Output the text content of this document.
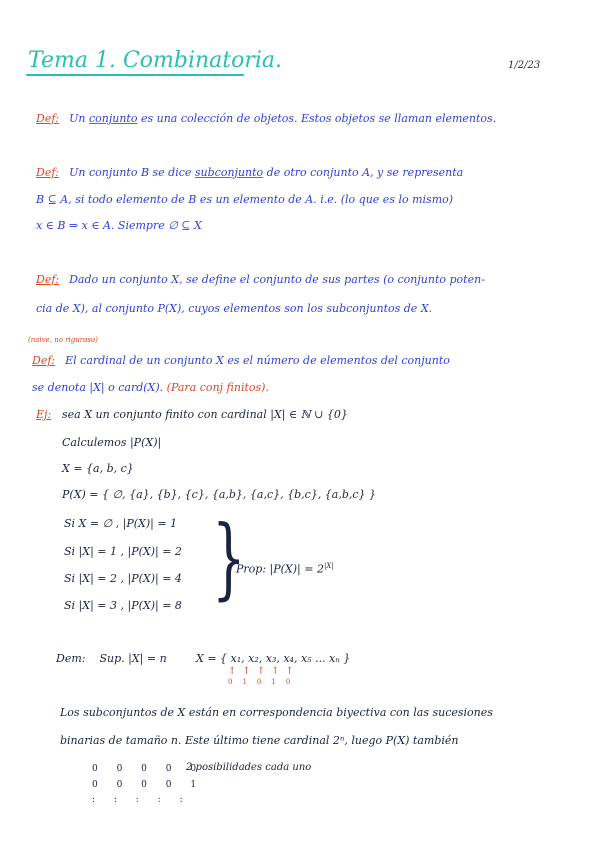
Tema 1. Combinatoria.	1/2/23
Def: Un conjunto es una colección de objetos. Estos objetos se llaman elementos.
Def: Un conjunto B se dice subconjunto de otro conjunto A, y se representa
B ⊆ A, si todo elemento de B es un elemento de A. i.e. (lo que es lo mismo)
x ∈ B ⇒ x ∈ A. Siempre ∅ ⊆ X
Def: Dado un conjunto X, se define el conjunto de sus partes (o conjunto poten-
cia de X), al conjunto P(X), cuyos elementos son los subconjuntos de X.
(naive, no riguroso)
Def: El cardinal de un conjunto X es el número de elementos del conjunto
se denota |X| o card(X). (Para conj finitos).
Ej: sea X un conjunto finito con cardinal |X| ∈ ℕ ∪ {0}
Calculemos |P(X)|
X = {a, b, c}
P(X) = { ∅, {a}, {b}, {c}, {a,b}, {a,c}, {b,c}, {a,b,c} }
Si X = ∅ , |P(X)| = 1
Si |X| = 1 , |P(X)| = 2
Si |X| = 2 , |P(X)| = 4
Si |X| = 3 , |P(X)| = 8 }
Prop: $|P(X)| = 2^{|X|}$
Dem: Sup. |X| = n	X = { x₁, x₂, x₃, x₄, x₅ ... xₙ }
↑↑↑↑↑
01010
Los subconjuntos de X están en correspondencia biyectiva con las sucesiones
binarias de tamaño n. Este último tiene cardinal 2ⁿ, luego P(X) también
0 0 0 0 0
2 posibilidades cada uno
0 0 0 0 1
: : : : :
